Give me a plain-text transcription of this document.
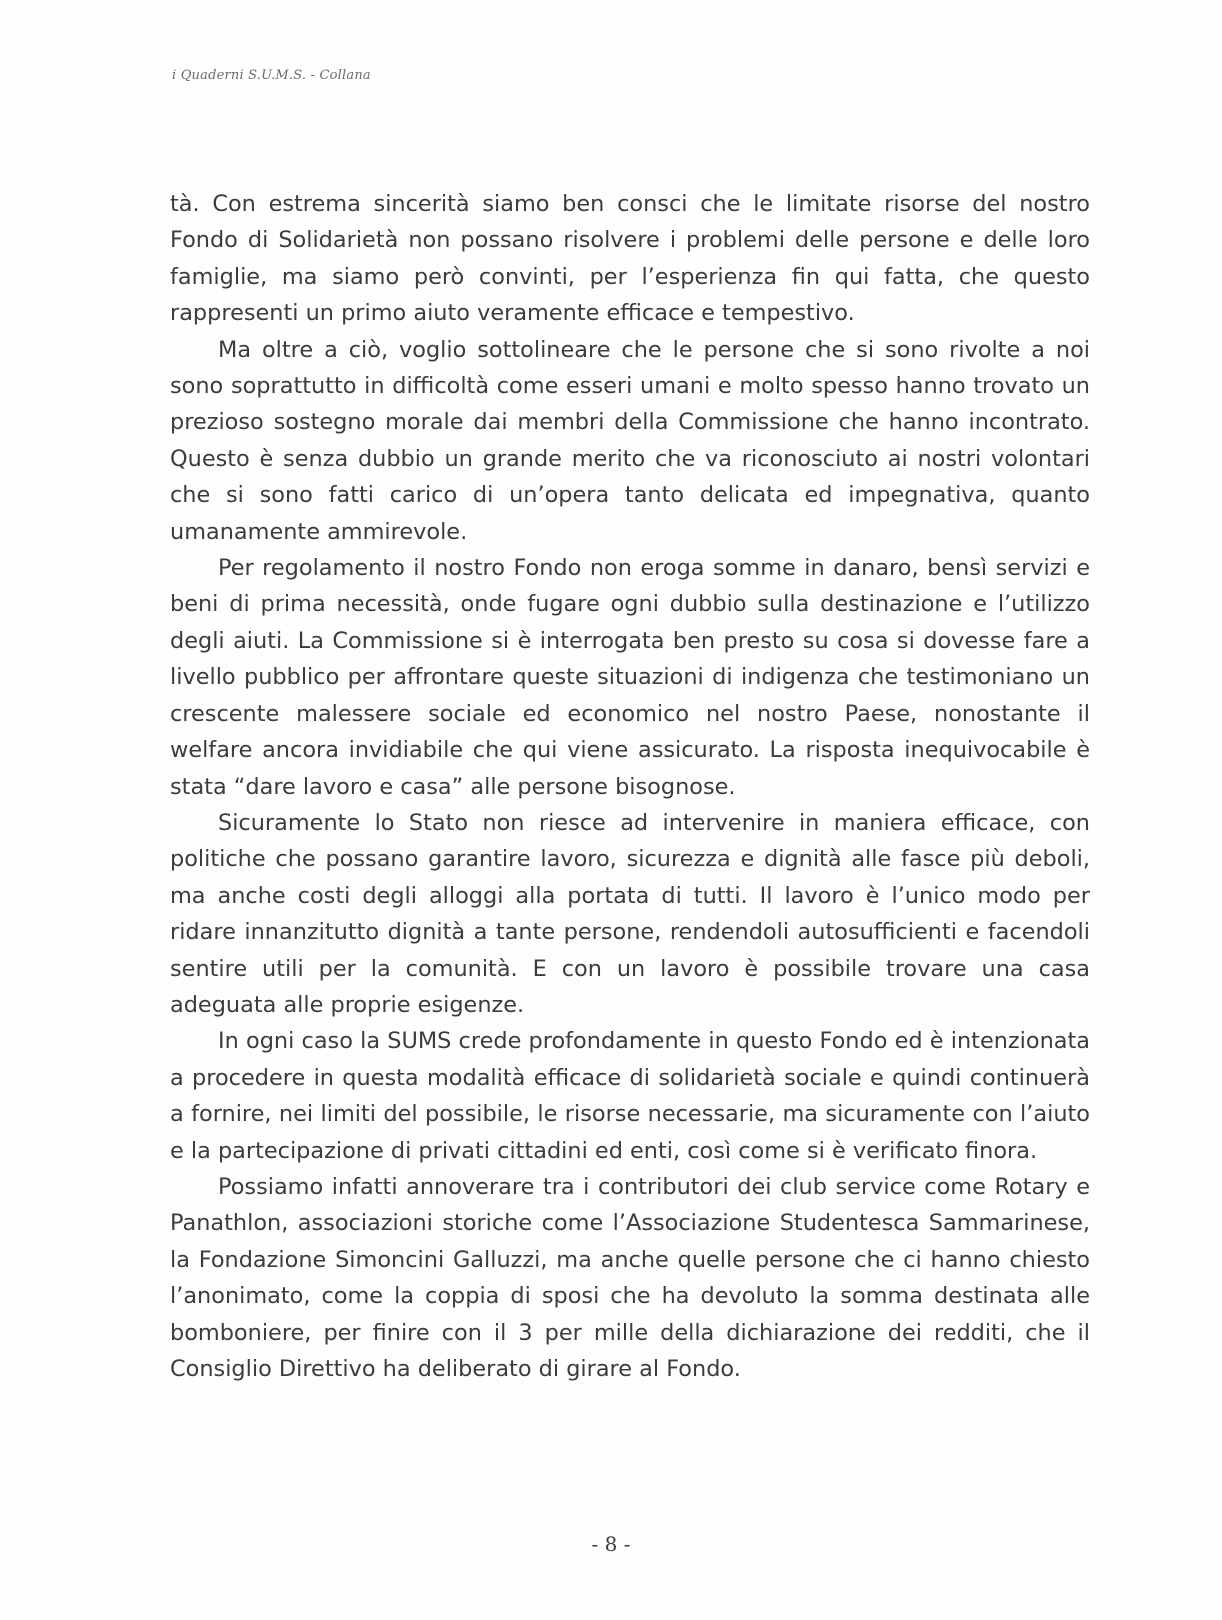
i Quaderni S.U.M.S. - Collana

tà. Con estrema sincerità siamo ben consci che le limitate risorse del nostro Fondo di Solidarietà non possano risolvere i problemi delle persone e delle loro famiglie, ma siamo però convinti, per l’esperienza fin qui fatta, che questo rappresenti un primo aiuto veramente efficace e tempestivo.

Ma oltre a ciò, voglio sottolineare che le persone che si sono rivolte a noi sono soprattutto in difficoltà come esseri umani e molto spesso hanno trovato un prezioso sostegno morale dai membri della Commissione che hanno incontrato. Questo è senza dubbio un grande merito che va riconosciuto ai nostri volontari che si sono fatti carico di un’opera tanto delicata ed impegnativa, quanto umanamente ammirevole.

Per regolamento il nostro Fondo non eroga somme in danaro, bensì servizi e beni di prima necessità, onde fugare ogni dubbio sulla destinazione e l’utilizzo degli aiuti. La Commissione si è interrogata ben presto su cosa si dovesse fare a livello pubblico per affrontare queste situazioni di indigenza che testimoniano un crescente malessere sociale ed economico nel nostro Paese, nonostante il welfare ancora invidiabile che qui viene assicurato. La risposta inequivocabile è stata “dare lavoro e casa” alle persone bisognose.

Sicuramente lo Stato non riesce ad intervenire in maniera efficace, con politiche che possano garantire lavoro, sicurezza e dignità alle fasce più deboli, ma anche costi degli alloggi alla portata di tutti. Il lavoro è l’unico modo per ridare innanzitutto dignità a tante persone, rendendoli autosufficienti e facendoli sentire utili per la comunità. E con un lavoro è possibile trovare una casa adeguata alle proprie esigenze.

In ogni caso la SUMS crede profondamente in questo Fondo ed è intenzionata a procedere in questa modalità efficace di solidarietà sociale e quindi continuerà a fornire, nei limiti del possibile, le risorse necessarie, ma sicuramente con l’aiuto e la partecipazione di privati cittadini ed enti, così come si è verificato finora.

Possiamo infatti annoverare tra i contributori dei club service come Rotary e Panathlon, associazioni storiche come l’Associazione Studentesca Sammarinese, la Fondazione Simoncini Galluzzi, ma anche quelle persone che ci hanno chiesto l’anonimato, come la coppia di sposi che ha devoluto la somma destinata alle bomboniere, per finire con il 3 per mille della dichiarazione dei redditi, che il Consiglio Direttivo ha deliberato di girare al Fondo.

- 8 -
